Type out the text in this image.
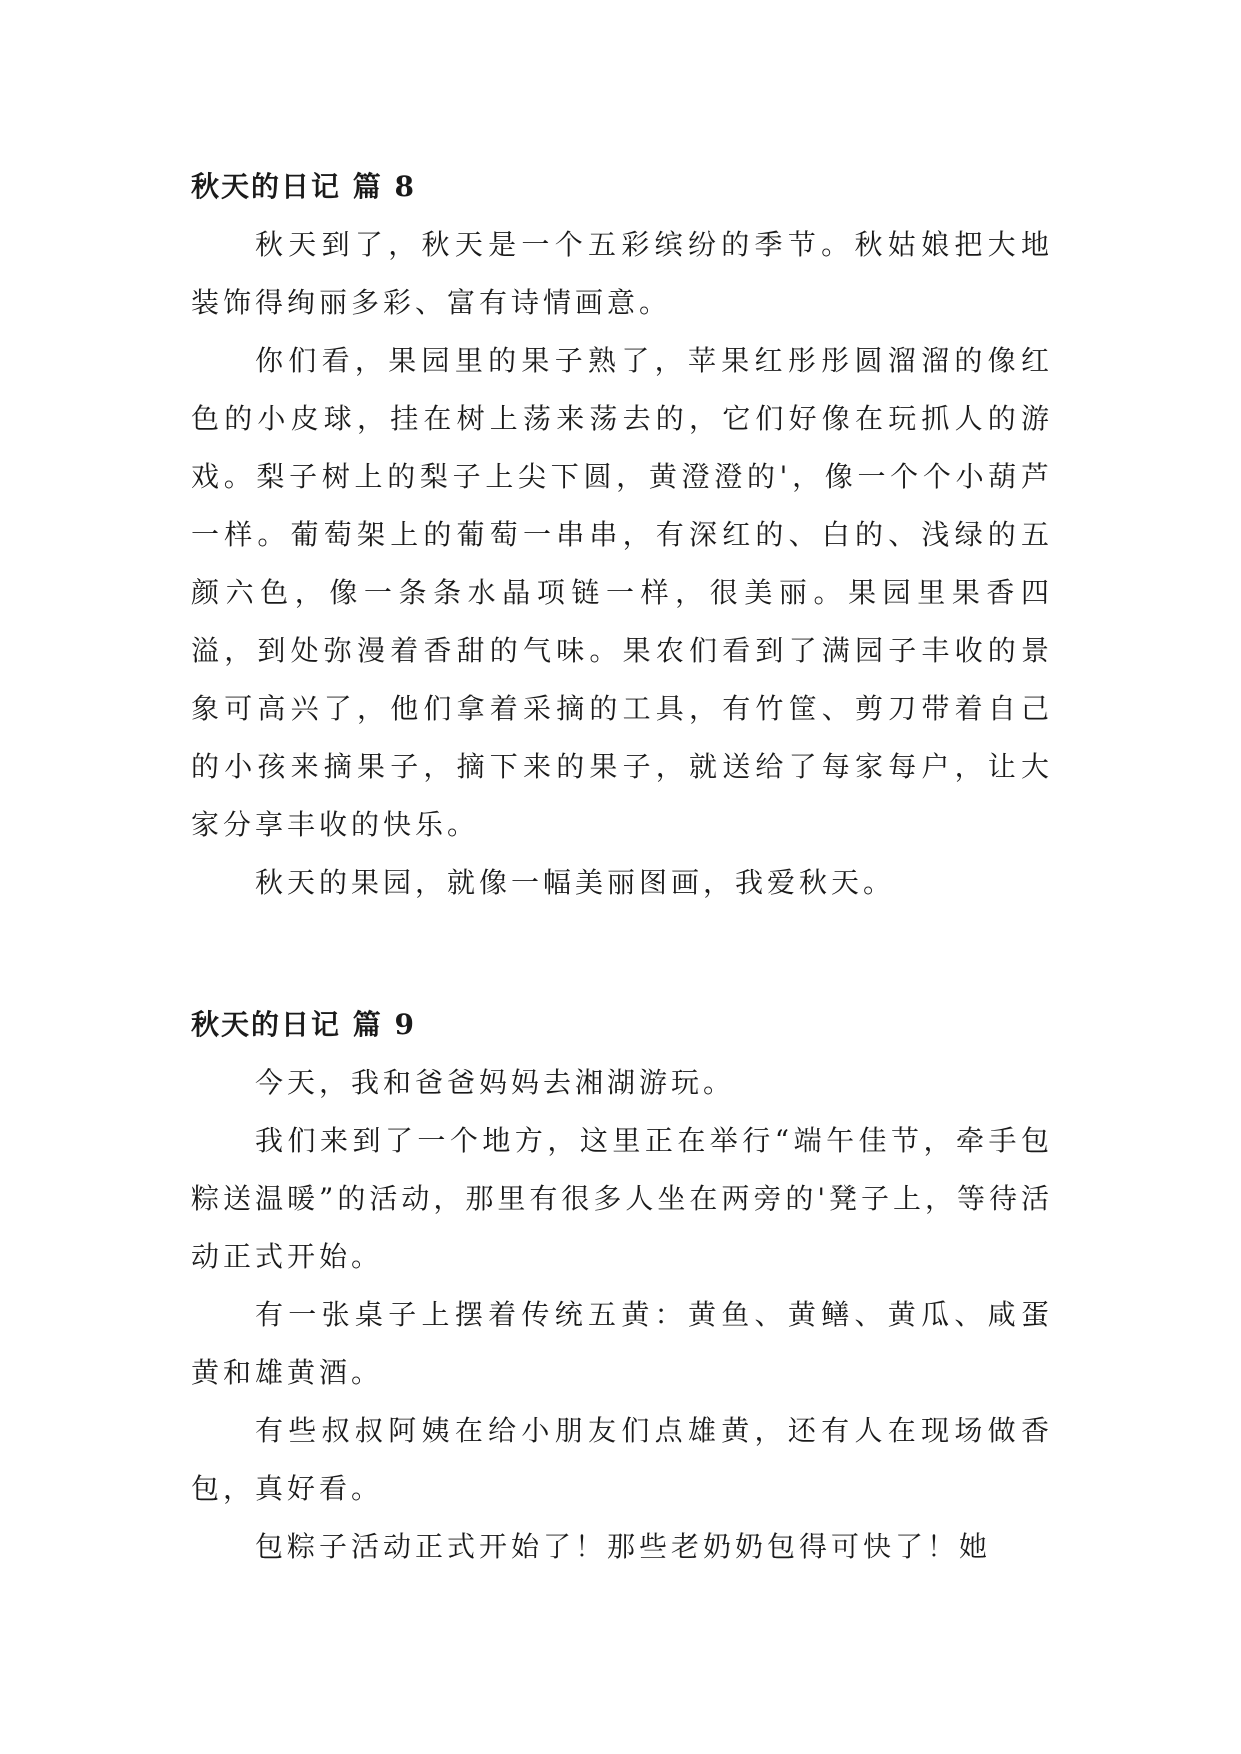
秋天的日记 篇 8

秋天到了，秋天是一个五彩缤纷的季节。秋姑娘把大地装饰得绚丽多彩、富有诗情画意。

你们看，果园里的果子熟了，苹果红彤彤圆溜溜的像红色的小皮球，挂在树上荡来荡去的，它们好像在玩抓人的游戏。梨子树上的梨子上尖下圆，黄澄澄的'，像一个个小葫芦一样。葡萄架上的葡萄一串串，有深红的、白的、浅绿的五颜六色，像一条条水晶项链一样，很美丽。果园里果香四溢，到处弥漫着香甜的气味。果农们看到了满园子丰收的景象可高兴了，他们拿着采摘的工具，有竹筐、剪刀带着自己的小孩来摘果子，摘下来的果子，就送给了每家每户，让大家分享丰收的快乐。

秋天的果园，就像一幅美丽图画，我爱秋天。

秋天的日记 篇 9

今天，我和爸爸妈妈去湘湖游玩。

我们来到了一个地方，这里正在举行“端午佳节，牵手包粽送温暖”的活动，那里有很多人坐在两旁的'凳子上，等待活动正式开始。

有一张桌子上摆着传统五黄：黄鱼、黄鳝、黄瓜、咸蛋黄和雄黄酒。

有些叔叔阿姨在给小朋友们点雄黄，还有人在现场做香包，真好看。

包粽子活动正式开始了！那些老奶奶包得可快了！她
